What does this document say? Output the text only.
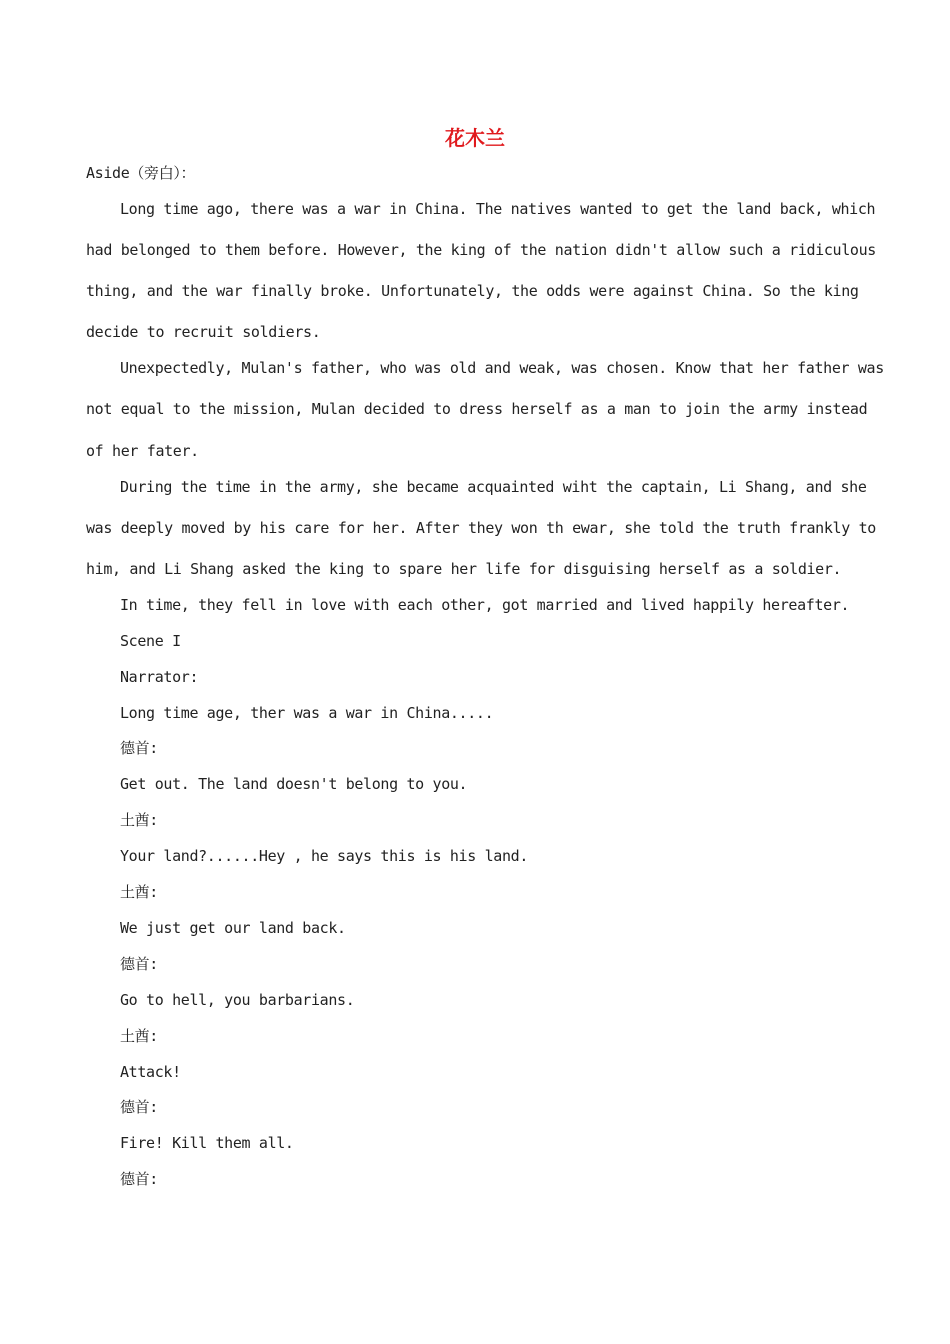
花木兰
Aside（旁白）：
Long time ago, there was a war in China. The natives wanted to get the land back, which
had belonged to them before. However, the king of the nation didn't allow such a ridiculous
thing, and the war finally broke. Unfortunately, the odds were against China. So the king
decide to recruit soldiers.
Unexpectedly, Mulan's father, who was old and weak, was chosen. Know that her father was
not equal to the mission, Mulan decided to dress herself as a man to join the army instead
of her fater.
During the time in the army, she became acquainted wiht the captain, Li Shang, and she
was deeply moved by his care for her. After they won th ewar, she told the truth frankly to
him, and Li Shang asked the king to spare her life for disguising herself as a soldier.
In time, they fell in love with each other, got married and lived happily hereafter.
Scene I
Narrator:
Long time age, ther was a war in China.....
德首:
Get out. The land doesn't belong to you.
土酋:
Your land?......Hey , he says this is his land.
土酋:
We just get our land back.
德首:
Go to hell, you barbarians.
土酋:
Attack!
德首:
Fire! Kill them all.
德首:
